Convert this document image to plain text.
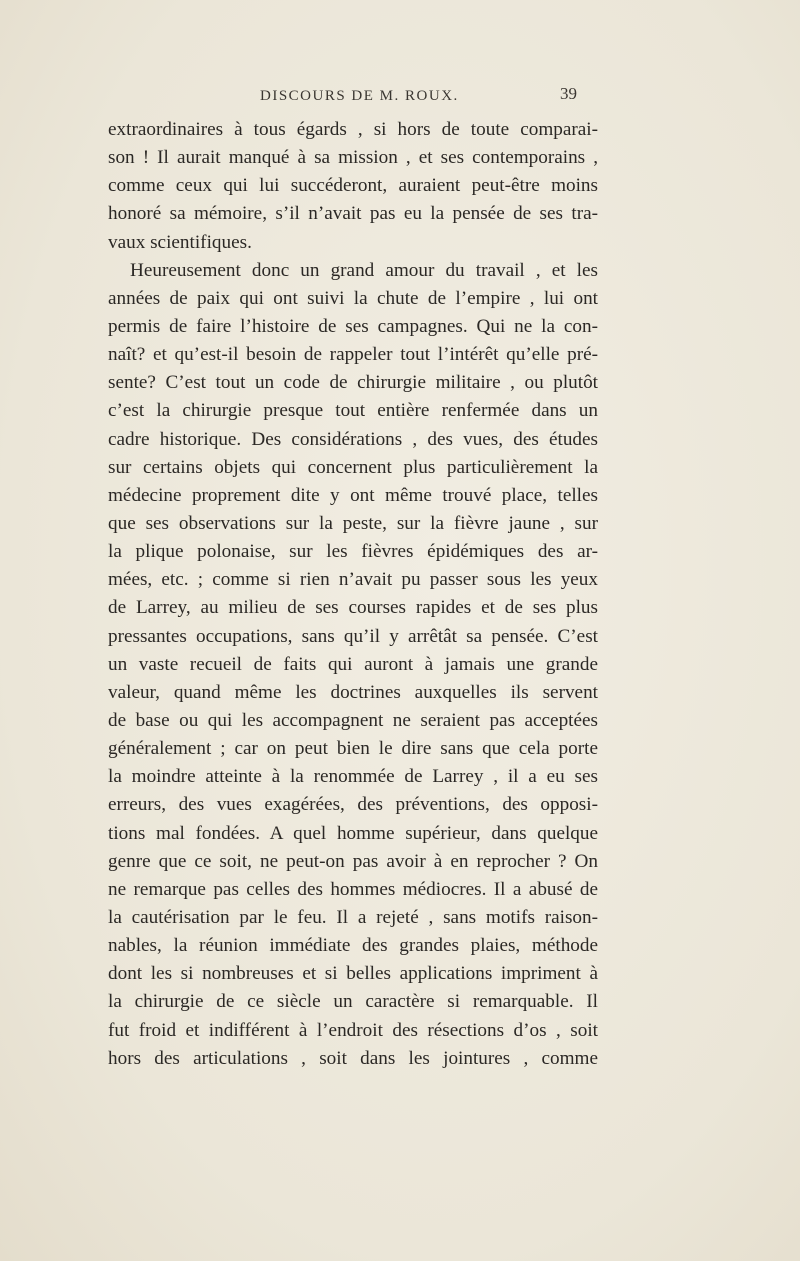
DISCOURS DE M. ROUX.	39
extraordinaires à tous égards , si hors de toute comparai-
son ! Il aurait manqué à sa mission , et ses contemporains ,
comme ceux qui lui succéderont, auraient peut-être moins
honoré sa mémoire, s’il n’avait pas eu la pensée de ses tra-
vaux scientifiques.
Heureusement donc un grand amour du travail , et les
années de paix qui ont suivi la chute de l’empire , lui ont
permis de faire l’histoire de ses campagnes. Qui ne la con-
naît? et qu’est-il besoin de rappeler tout l’intérêt qu’elle pré-
sente? C’est tout un code de chirurgie militaire , ou plutôt
c’est la chirurgie presque tout entière renfermée dans un
cadre historique. Des considérations , des vues, des études
sur certains objets qui concernent plus particulièrement la
médecine proprement dite y ont même trouvé place, telles
que ses observations sur la peste, sur la fièvre jaune , sur
la plique polonaise, sur les fièvres épidémiques des ar-
mées, etc. ; comme si rien n’avait pu passer sous les yeux
de Larrey, au milieu de ses courses rapides et de ses plus
pressantes occupations, sans qu’il y arrêtât sa pensée. C’est
un vaste recueil de faits qui auront à jamais une grande
valeur, quand même les doctrines auxquelles ils servent
de base ou qui les accompagnent ne seraient pas acceptées
généralement ; car on peut bien le dire sans que cela porte
la moindre atteinte à la renommée de Larrey , il a eu ses
erreurs, des vues exagérées, des préventions, des opposi-
tions mal fondées. A quel homme supérieur, dans quelque
genre que ce soit, ne peut-on pas avoir à en reprocher ? On
ne remarque pas celles des hommes médiocres. Il a abusé de
la cautérisation par le feu. Il a rejeté , sans motifs raison-
nables, la réunion immédiate des grandes plaies, méthode
dont les si nombreuses et si belles applications impriment à
la chirurgie de ce siècle un caractère si remarquable. Il
fut froid et indifférent à l’endroit des résections d’os , soit
hors des articulations , soit dans les jointures , comme
